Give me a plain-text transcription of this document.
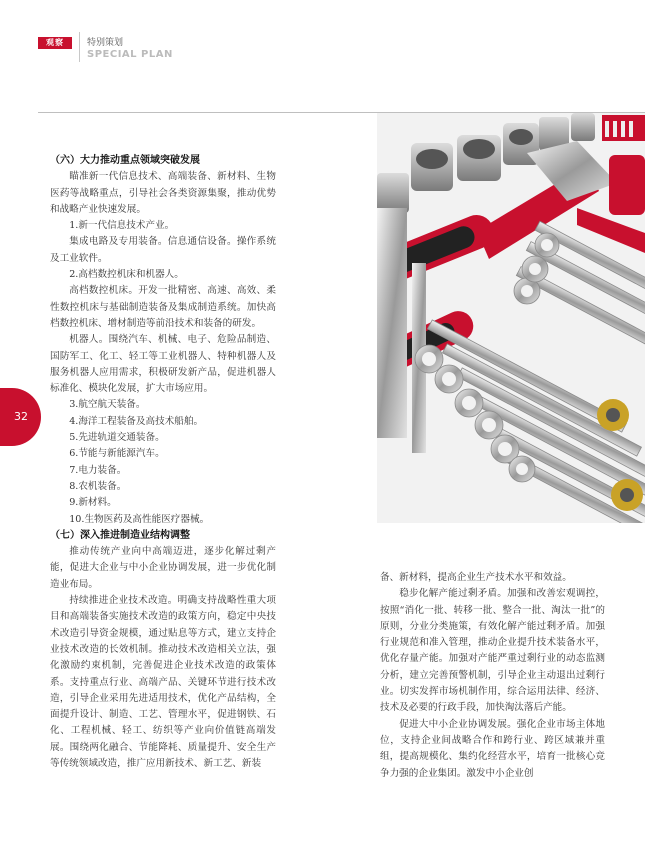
观察	特别策划
SPECIAL PLAN
32

（六）大力推动重点领域突破发展

瞄准新一代信息技术、高端装备、新材料、生物医药等战略重点，引导社会各类资源集聚，推动优势和战略产业快速发展。

1.新一代信息技术产业。

集成电路及专用装备。信息通信设备。操作系统及工业软件。

2.高档数控机床和机器人。

高档数控机床。开发一批精密、高速、高效、柔性数控机床与基础制造装备及集成制造系统。加快高档数控机床、增材制造等前沿技术和装备的研发。

机器人。围绕汽车、机械、电子、危险品制造、国防军工、化工、轻工等工业机器人、特种机器人及服务机器人应用需求，积极研发新产品，促进机器人标准化、模块化发展，扩大市场应用。

3.航空航天装备。

4.海洋工程装备及高技术船舶。

5.先进轨道交通装备。

6.节能与新能源汽车。

7.电力装备。

8.农机装备。

9.新材料。

10.生物医药及高性能医疗器械。

（七）深入推进制造业结构调整

推动传统产业向中高端迈进，逐步化解过剩产能，促进大企业与中小企业协调发展，进一步优化制造业布局。

持续推进企业技术改造。明确支持战略性重大项目和高端装备实施技术改造的政策方向，稳定中央技术改造引导资金规模，通过贴息等方式，建立支持企业技术改造的长效机制。推动技术改造相关立法，强化激励约束机制，完善促进企业技术改造的政策体系。支持重点行业、高端产品、关键环节进行技术改造，引导企业采用先进适用技术，优化产品结构，全面提升设计、制造、工艺、管理水平，促进钢铁、石化、工程机械、轻工、纺织等产业向价值链高端发展。围绕两化融合、节能降耗、质量提升、安全生产等传统领域改造，推广应用新技术、新工艺、新装

备、新材料，提高企业生产技术水平和效益。

稳步化解产能过剩矛盾。加强和改善宏观调控，按照“消化一批、转移一批、整合一批、淘汰一批”的原则，分业分类施策，有效化解产能过剩矛盾。加强行业规范和准入管理，推动企业提升技术装备水平，优化存量产能。加强对产能严重过剩行业的动态监测分析，建立完善预警机制，引导企业主动退出过剩行业。切实发挥市场机制作用，综合运用法律、经济、技术及必要的行政手段，加快淘汰落后产能。

促进大中小企业协调发展。强化企业市场主体地位，支持企业间战略合作和跨行业、跨区域兼并重组，提高规模化、集约化经营水平，培育一批核心竞争力强的企业集团。激发中小企业创
